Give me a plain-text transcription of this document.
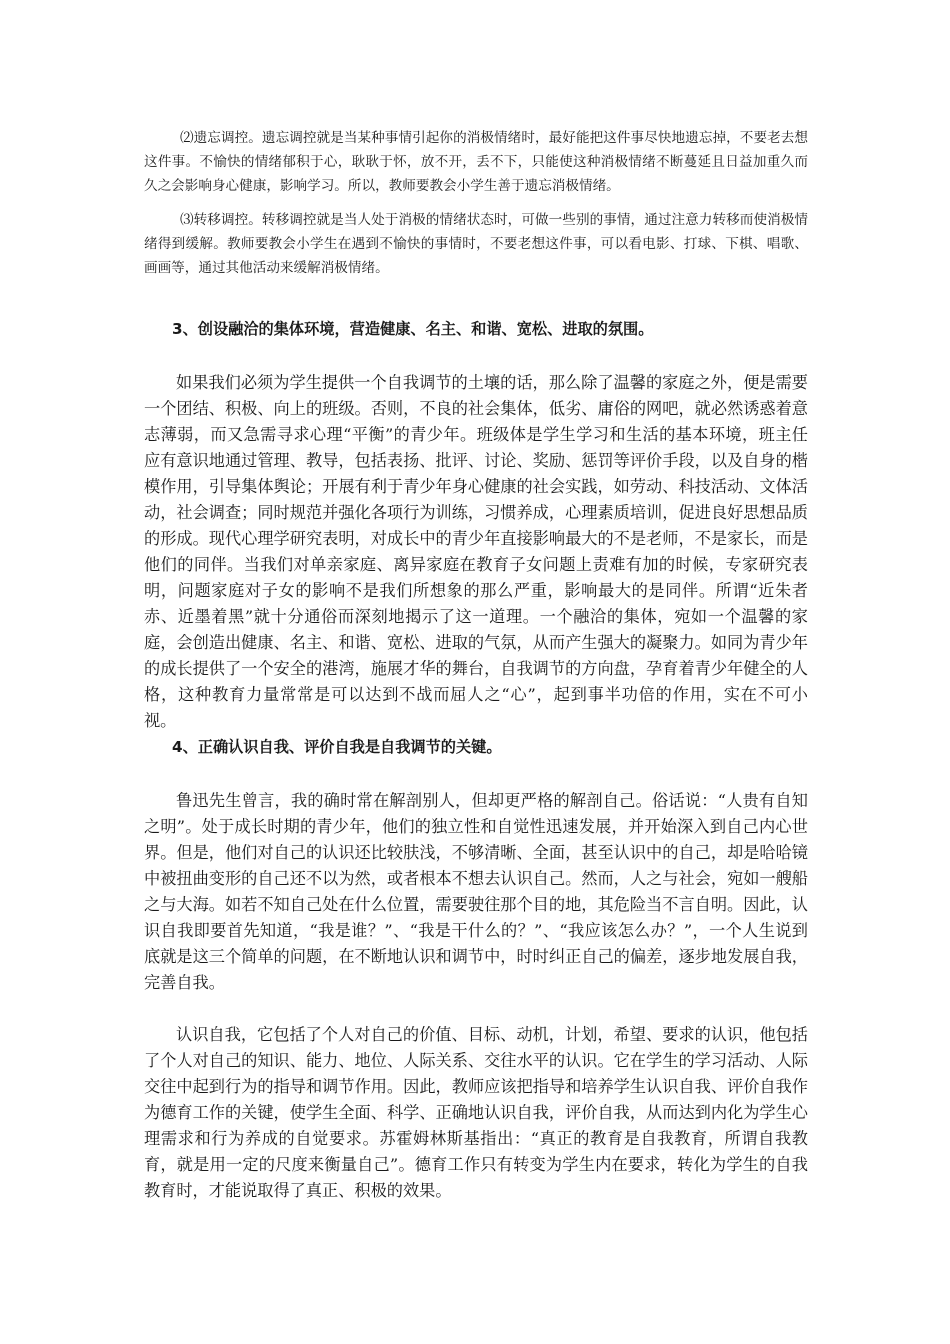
⑵遗忘调控。遗忘调控就是当某种事情引起你的消极情绪时，最好能把这件事尽快地遗忘掉，不要老去想这件事。不愉快的情绪郁积于心，耿耿于怀，放不开，丢不下，只能使这种消极情绪不断蔓延且日益加重久而久之会影响身心健康，影响学习。所以，教师要教会小学生善于遗忘消极情绪。

⑶转移调控。转移调控就是当人处于消极的情绪状态时，可做一些别的事情，通过注意力转移而使消极情绪得到缓解。教师要教会小学生在遇到不愉快的事情时，不要老想这件事，可以看电影、打球、下棋、唱歌、画画等，通过其他活动来缓解消极情绪。

3、创设融洽的集体环境，营造健康、名主、和谐、宽松、进取的氛围。

如果我们必须为学生提供一个自我调节的土壤的话，那么除了温馨的家庭之外，便是需要一个团结、积极、向上的班级。否则，不良的社会集体，低劣、庸俗的网吧，就必然诱惑着意志薄弱，而又急需寻求心理“平衡”的青少年。班级体是学生学习和生活的基本环境，班主任应有意识地通过管理、教导，包括表扬、批评、讨论、奖励、惩罚等评价手段，以及自身的楷模作用，引导集体舆论；开展有利于青少年身心健康的社会实践，如劳动、科技活动、文体活动，社会调查；同时规范并强化各项行为训练，习惯养成，心理素质培训，促进良好思想品质的形成。现代心理学研究表明，对成长中的青少年直接影响最大的不是老师，不是家长，而是他们的同伴。当我们对单亲家庭、离异家庭在教育子女问题上责难有加的时候，专家研究表明，问题家庭对子女的影响不是我们所想象的那么严重，影响最大的是同伴。所谓“近朱者赤、近墨着黑”就十分通俗而深刻地揭示了这一道理。一个融洽的集体，宛如一个温馨的家庭，会创造出健康、名主、和谐、宽松、进取的气氛，从而产生强大的凝聚力。如同为青少年的成长提供了一个安全的港湾，施展才华的舞台，自我调节的方向盘，孕育着青少年健全的人格，这种教育力量常常是可以达到不战而屈人之“心”，起到事半功倍的作用，实在不可小视。

4、正确认识自我、评价自我是自我调节的关键。

鲁迅先生曾言，我的确时常在解剖别人，但却更严格的解剖自己。俗话说：“人贵有自知之明”。处于成长时期的青少年，他们的独立性和自觉性迅速发展，并开始深入到自己内心世界。但是，他们对自己的认识还比较肤浅，不够清晰、全面，甚至认识中的自己，却是哈哈镜中被扭曲变形的自己还不以为然，或者根本不想去认识自己。然而，人之与社会，宛如一艘船之与大海。如若不知自己处在什么位置，需要驶往那个目的地，其危险当不言自明。因此，认识自我即要首先知道，“我是谁？”、“我是干什么的？”、“我应该怎么办？”，一个人生说到底就是这三个简单的问题，在不断地认识和调节中，时时纠正自己的偏差，逐步地发展自我，完善自我。

认识自我，它包括了个人对自己的价值、目标、动机，计划，希望、要求的认识，他包括了个人对自己的知识、能力、地位、人际关系、交往水平的认识。它在学生的学习活动、人际交往中起到行为的指导和调节作用。因此，教师应该把指导和培养学生认识自我、评价自我作为德育工作的关键，使学生全面、科学、正确地认识自我，评价自我，从而达到内化为学生心理需求和行为养成的自觉要求。苏霍姆林斯基指出：“真正的教育是自我教育，所谓自我教育，就是用一定的尺度来衡量自己”。德育工作只有转变为学生内在要求，转化为学生的自我教育时，才能说取得了真正、积极的效果。
